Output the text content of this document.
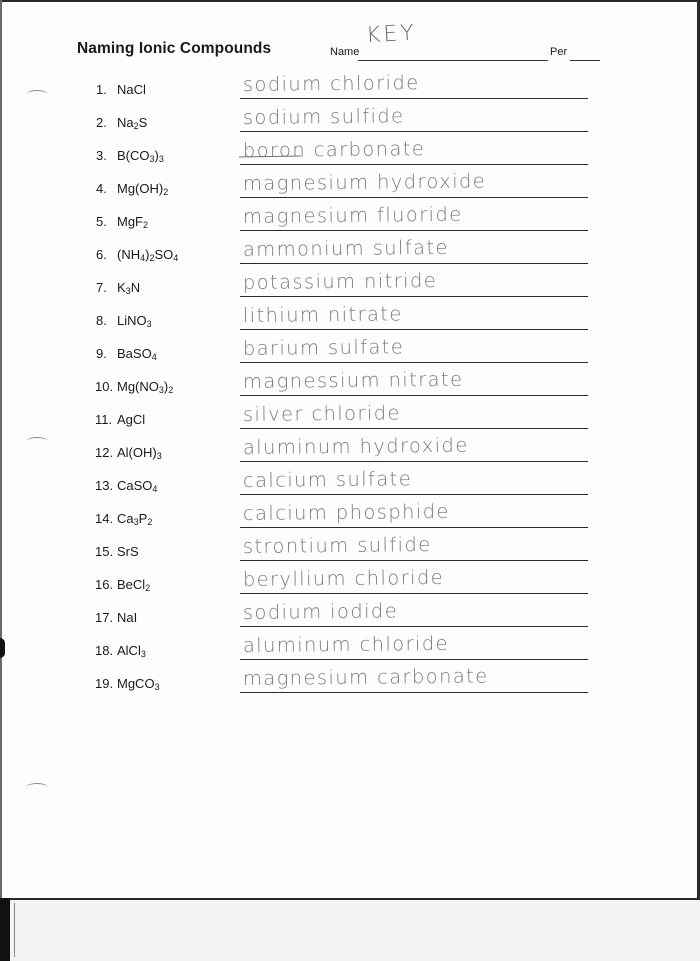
Naming Ionic Compounds	Name
KEY
Per
1. NaCl	sodium chloride
2. $Na_2S$	sodium sulfide
3. $B(CO_3)_3$	boron carbonate
4. $Mg(OH)_2$	magnesium hydroxide
5. MgF$_2$	magnesium fluoride
6. $(NH_4)_2SO_4$	ammonium sulfate
7. $K_3N$	potassium nitride
8. LiNO$_3$	lithium nitrate
9. BaSO$_4$	barium sulfate
10. $Mg(NO_3)_2$	magnessium nitrate
11. AgCl	silver chloride
12. $Al(OH)_3$	aluminum hydroxide
13. CaSO$_4$	calcium sulfate
14. $Ca_3P_2$	calcium phosphide
15. SrS	strontium sulfide
16. BeCl$_2$	beryllium chloride
17. NaI	sodium iodide
18. AlCl$_3$	aluminum chloride
19. MgCO$_3$	magnesium carbonate
